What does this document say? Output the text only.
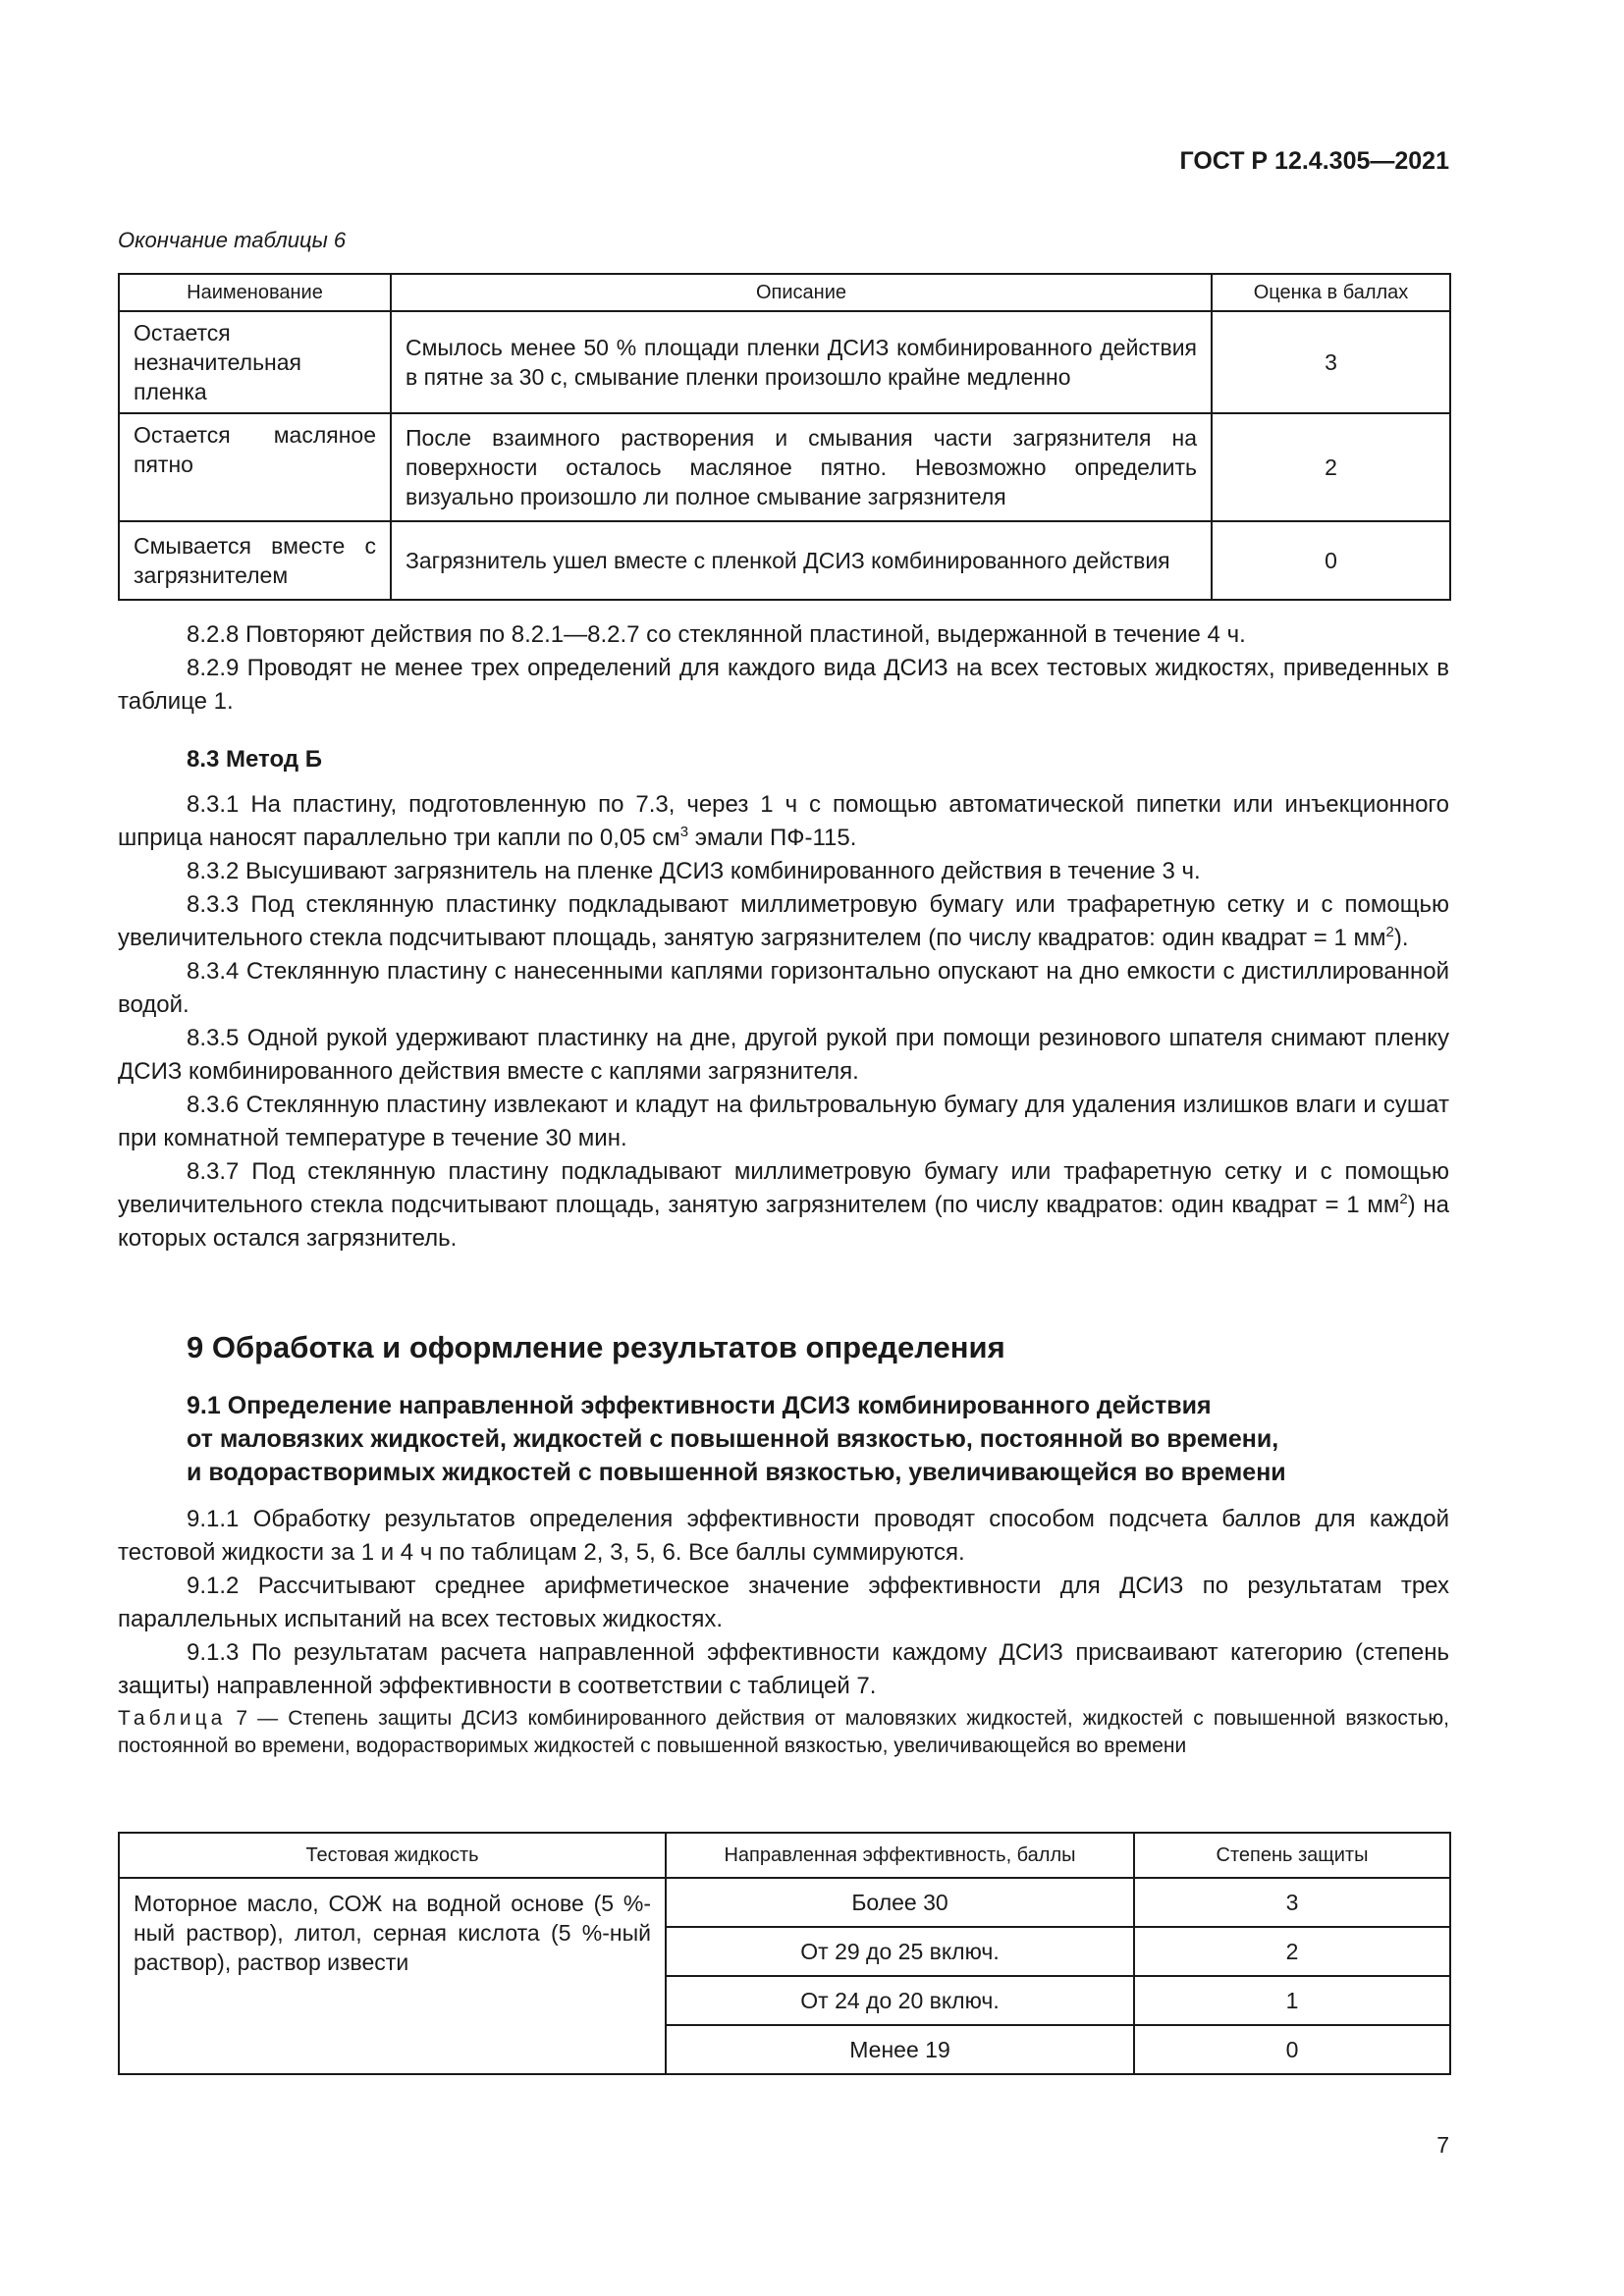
ГОСТ Р 12.4.305—2021
Окончание таблицы 6
Наименование	Описание	Оценка в баллах
Остается незначительная пленка	Смылось менее 50 % площади пленки ДСИЗ комбинированного действия в пятне за 30 с, смывание пленки произошло крайне медленно	3
Остается масляное пятно	После взаимного растворения и смывания части загрязнителя на поверхности осталось масляное пятно. Невозможно определить визуально произошло ли полное смывание загрязнителя	2
Смывается вместе с загрязнителем	Загрязнитель ушел вместе с пленкой ДСИЗ комбинированного действия	0

8.2.8 Повторяют действия по 8.2.1—8.2.7 со стеклянной пластиной, выдержанной в течение 4 ч.

8.2.9 Проводят не менее трех определений для каждого вида ДСИЗ на всех тестовых жидкостях, приведенных в таблице 1.

8.3 Метод Б

8.3.1 На пластину, подготовленную по 7.3, через 1 ч с помощью автоматической пипетки или инъекционного шприца наносят параллельно три капли по 0,05 $см^3$ эмали ПФ-115.

8.3.2 Высушивают загрязнитель на пленке ДСИЗ комбинированного действия в течение 3 ч.

8.3.3 Под стеклянную пластинку подкладывают миллиметровую бумагу или трафаретную сетку и с помощью увеличительного стекла подсчитывают площадь, занятую загрязнителем (по числу квадратов: один квадрат = 1 $мм^2$).

8.3.4 Стеклянную пластину с нанесенными каплями горизонтально опускают на дно емкости с дистиллированной водой.

8.3.5 Одной рукой удерживают пластинку на дне, другой рукой при помощи резинового шпателя снимают пленку ДСИЗ комбинированного действия вместе с каплями загрязнителя.

8.3.6 Стеклянную пластину извлекают и кладут на фильтровальную бумагу для удаления излишков влаги и сушат при комнатной температуре в течение 30 мин.

8.3.7 Под стеклянную пластину подкладывают миллиметровую бумагу или трафаретную сетку и с помощью увеличительного стекла подсчитывают площадь, занятую загрязнителем (по числу квадратов: один квадрат = 1 $мм^2$) на которых остался загрязнитель.

9 Обработка и оформление результатов определения

9.1 Определение направленной эффективности ДСИЗ комбинированного действия

от маловязких жидкостей, жидкостей с повышенной вязкостью, постоянной во времени,

и водорастворимых жидкостей с повышенной вязкостью, увеличивающейся во времени

9.1.1 Обработку результатов определения эффективности проводят способом подсчета баллов для каждой тестовой жидкости за 1 и 4 ч по таблицам 2, 3, 5, 6. Все баллы суммируются.

9.1.2 Рассчитывают среднее арифметическое значение эффективности для ДСИЗ по результатам трех параллельных испытаний на всех тестовых жидкостях.

9.1.3 По результатам расчета направленной эффективности каждому ДСИЗ присваивают категорию (степень защиты) направленной эффективности в соответствии с таблицей 7.

Таблица 7 — Степень защиты ДСИЗ комбинированного действия от маловязких жидкостей, жидкостей с повышенной вязкостью, постоянной во времени, водорастворимых жидкостей с повышенной вязкостью, увеличивающейся во времени

Тестовая жидкость	Направленная эффективность, баллы	Степень защиты
Моторное масло, СОЖ на водной основе (5 %-ный раствор), литол, серная кислота (5 %-ный раствор), раствор извести	Более 30	3
	От 29 до 25 включ.	2
	От 24 до 20 включ.	1
	Менее 19	0
7
